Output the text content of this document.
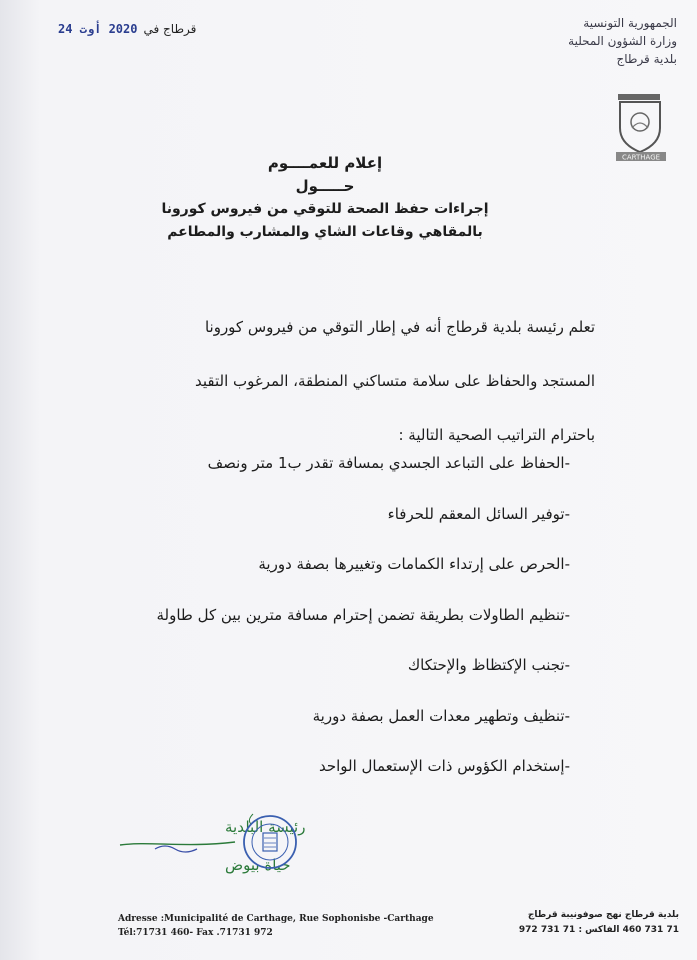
الجمهورية التونسية
وزارة الشؤون المحلية
بلدية قرطاج
2020 أوت 24 قرطاج في
CARTHAGE
إعلام للعمــــوم
حـــــول
إجراءات حفظ الصحة للتوقي من فيروس كورونا
بالمقاهي وقاعات الشاي والمشارب والمطاعم
تعلم رئيسة بلدية قرطاج أنه في إطار التوقي من فيروس كورونا
المستجد والحفاظ على سلامة متساكني المنطقة، المرغوب التقيد
باحترام التراتيب الصحية التالية :
-الحفاظ على التباعد الجسدي بمسافة تقدر ب1 متر ونصف
-توفير السائل المعقم للحرفاء
-الحرص على إرتداء الكمامات وتغييرها بصفة دورية
-تنظيم الطاولات بطريقة تضمن إحترام مسافة مترين بين كل طاولة
-تجنب الإكتظاظ والإحتكاك
-تنظيف وتطهير معدات العمل بصفة دورية
-إستخدام الكؤوس ذات الإستعمال الواحد
رئيسة البلدية
حياة بيوض
Adresse :Municipalité de Carthage, Rue Sophonisbe -Carthage
Tél:71731 460- Fax .71731 972
بلدية قرطاج نهج صوفونيبة قرطاج
71 731 460 الفاكس : 71 731 972
